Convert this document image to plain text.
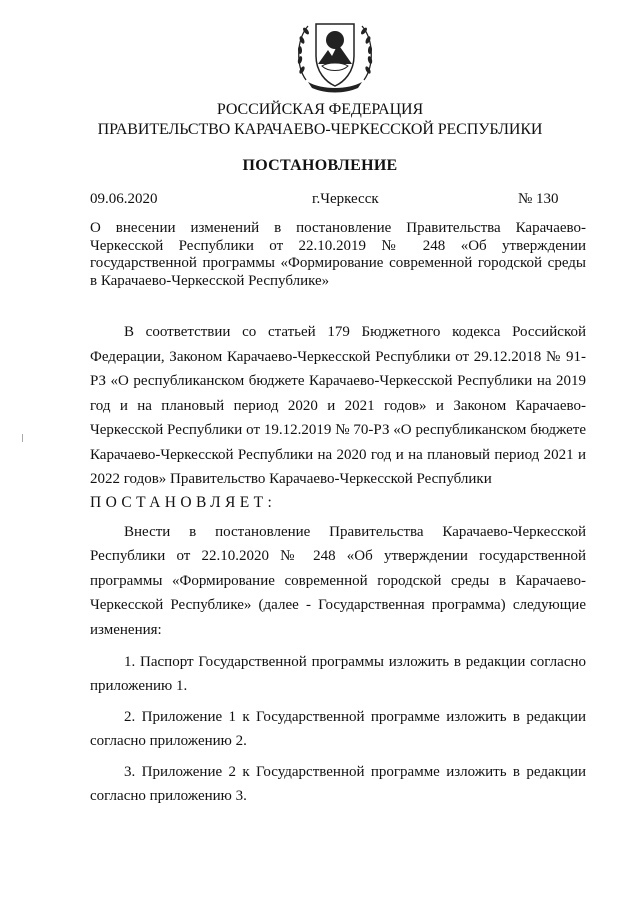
РОССИЙСКАЯ ФЕДЕРАЦИЯ
ПРАВИТЕЛЬСТВО КАРАЧАЕВО-ЧЕРКЕССКОЙ РЕСПУБЛИКИ
ПОСТАНОВЛЕНИЕ
09.06.2020	г.Черкесск	№ 130
О внесении изменений в постановление Правительства Карачаево-Черкесской Республики от 22.10.2019 № 248 «Об утверждении государственной программы «Формирование современной городской среды в Карачаево-Черкесской Республике»

В соответствии со статьей 179 Бюджетного кодекса Российской Федерации, Законом Карачаево-Черкесской Республики от 29.12.2018 № 91-РЗ «О республиканском бюджете Карачаево-Черкесской Республики на 2019 год и на плановый период 2020 и 2021 годов» и Законом Карачаево-Черкесской Республики от 19.12.2019 № 70-РЗ «О республиканском бюджете Карачаево-Черкесской Республики на 2020 год и на плановый период 2021 и 2022 годов» Правительство Карачаево-Черкесской Республики

ПОСТАНОВЛЯЕТ:

Внести в постановление Правительства Карачаево-Черкесской Республики от 22.10.2020 № 248 «Об утверждении государственной программы «Формирование современной городской среды в Карачаево-Черкесской Республике» (далее - Государственная программа) следующие изменения:

1. Паспорт Государственной программы изложить в редакции согласно приложению 1.

2. Приложение 1 к Государственной программе изложить в редакции согласно приложению 2.

3. Приложение 2 к Государственной программе изложить в редакции согласно приложению 3.
